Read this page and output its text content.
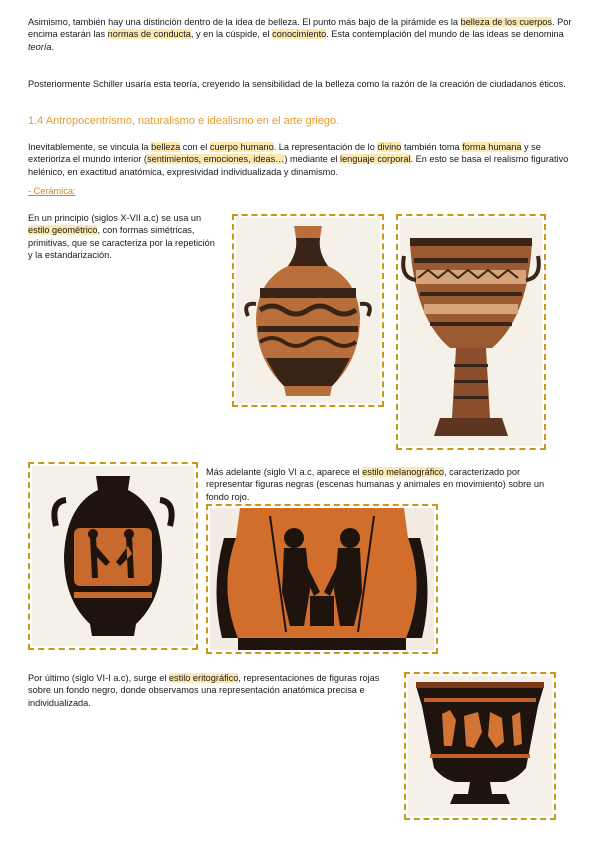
Asimismo, también hay una distinción dentro de la idea de belleza. El punto más bajo de la pirámide es la belleza de los cuerpos. Por encima estarán las normas de conducta, y en la cúspide, el conocimiento. Esta contemplación del mundo de las ideas se denomina teoría.

Posteriormente Schiller usaría esta teoría, creyendo la sensibilidad de la belleza como la razón de la creación de ciudadanos éticos.

1.4 Antropocentrismo, naturalismo e idealismo en el arte griego.

Inevitablemente, se vincula la belleza con el cuerpo humano. La representación de lo divino también toma forma humana y se exterioriza el mundo interior (sentimientos, emociones, ideas…) mediante el lenguaje corporal. En esto se basa el realismo figurativo helénico, en exactitud anatómica, expresividad individualizada y dinamismo.

- Cerámica:

En un principio (siglos X-VII a.c) se usa un estilo geométrico, con formas simétricas, primitivas, que se caracteriza por la repetición y la estandarización.

Más adelante (siglo VI a.c, aparece el estilo melanográfico, caracterizado por representar figuras negras (escenas humanas y animales en movimiento) sobre un fondo rojo.

Por último (siglo VI-I a.c), surge el estilo eritográfico, representaciones de figuras rojas sobre un fondo negro, donde observamos una representación anatómica precisa e individualizada.
